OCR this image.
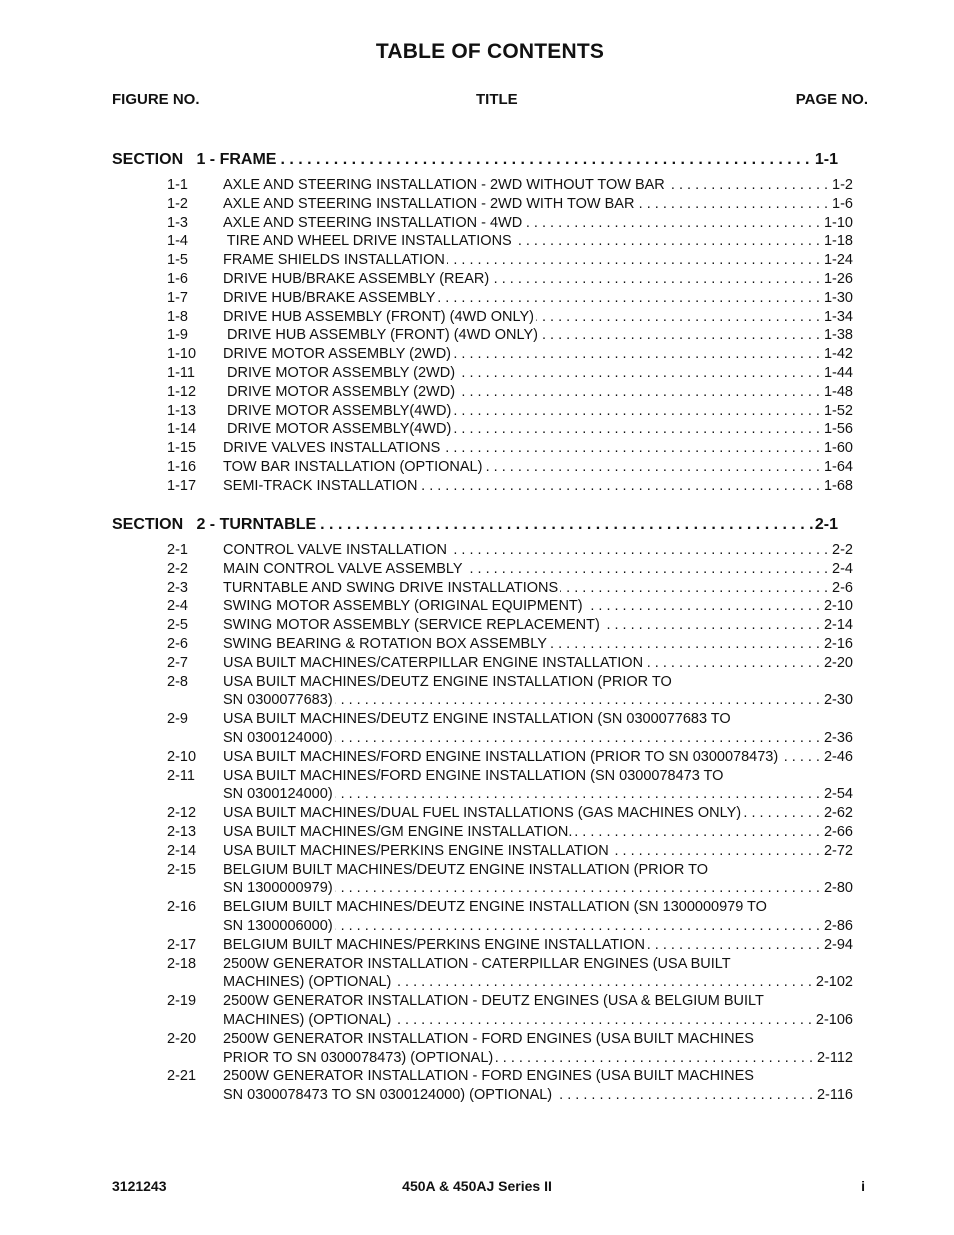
TABLE OF CONTENTS
FIGURE NO.	TITLE	PAGE NO.
SECTION   1 - FRAME . . .	1-1
1-1	AXLE AND STEERING INSTALLATION - 2WD WITHOUT TOW BAR . . .	1-2
1-2	AXLE AND STEERING INSTALLATION - 2WD WITH TOW BAR . . .	1-6
1-3	AXLE AND STEERING INSTALLATION - 4WD . . .	1-10
1-4	TIRE AND WHEEL DRIVE INSTALLATIONS . . .	1-18
1-5	FRAME SHIELDS INSTALLATION . . .	1-24
1-6	DRIVE HUB/BRAKE ASSEMBLY (REAR) . . .	1-26
1-7	DRIVE HUB/BRAKE ASSEMBLY . . .	1-30
1-8	DRIVE HUB ASSEMBLY (FRONT) (4WD ONLY) . . .	1-34
1-9	DRIVE HUB ASSEMBLY (FRONT) (4WD ONLY) . . .	1-38
1-10	DRIVE MOTOR ASSEMBLY (2WD) . . .	1-42
1-11	DRIVE MOTOR ASSEMBLY (2WD) . . .	1-44
1-12	DRIVE MOTOR ASSEMBLY (2WD) . . .	1-48
1-13	DRIVE MOTOR ASSEMBLY(4WD) . . .	1-52
1-14	DRIVE MOTOR ASSEMBLY(4WD) . . .	1-56
1-15	DRIVE VALVES INSTALLATIONS . . .	1-60
1-16	TOW BAR INSTALLATION (OPTIONAL) . . .	1-64
1-17	SEMI-TRACK INSTALLATION . . .	1-68
SECTION   2 - TURNTABLE . . .	2-1
2-1	CONTROL VALVE INSTALLATION . . .	2-2
2-2	MAIN CONTROL VALVE ASSEMBLY . . .	2-4
2-3	TURNTABLE AND SWING DRIVE INSTALLATIONS . . .	2-6
2-4	SWING MOTOR ASSEMBLY (ORIGINAL EQUIPMENT) . . .	2-10
2-5	SWING MOTOR ASSEMBLY (SERVICE REPLACEMENT) . . .	2-14
2-6	SWING BEARING & ROTATION BOX ASSEMBLY . . .	2-16
2-7	USA BUILT MACHINES/CATERPILLAR ENGINE INSTALLATION . . .	2-20
2-8	USA BUILT MACHINES/DEUTZ ENGINE INSTALLATION (PRIOR TO
SN 0300077683) . . .	2-30
2-9	USA BUILT MACHINES/DEUTZ ENGINE INSTALLATION (SN 0300077683 TO
SN 0300124000) . . .	2-36
2-10	USA BUILT MACHINES/FORD ENGINE INSTALLATION (PRIOR TO SN 0300078473) . . .	2-46
2-11	USA BUILT MACHINES/FORD ENGINE INSTALLATION (SN 0300078473 TO
SN 0300124000) . . .	2-54
2-12	USA BUILT MACHINES/DUAL FUEL INSTALLATIONS (GAS MACHINES ONLY) . . .	2-62
2-13	USA BUILT MACHINES/GM ENGINE INSTALLATION. . . .	2-66
2-14	USA BUILT MACHINES/PERKINS ENGINE INSTALLATION . . .	2-72
2-15	BELGIUM BUILT MACHINES/DEUTZ ENGINE INSTALLATION (PRIOR TO
SN 1300000979) . . .	2-80
2-16	BELGIUM BUILT MACHINES/DEUTZ ENGINE INSTALLATION (SN 1300000979 TO
SN 1300006000) . . .	2-86
2-17	BELGIUM BUILT MACHINES/PERKINS ENGINE INSTALLATION . . .	2-94
2-18	2500W GENERATOR INSTALLATION - CATERPILLAR ENGINES (USA BUILT
MACHINES) (OPTIONAL) . . .	2-102
2-19	2500W GENERATOR INSTALLATION - DEUTZ ENGINES (USA & BELGIUM BUILT
MACHINES) (OPTIONAL) . . .	2-106
2-20	2500W GENERATOR INSTALLATION - FORD ENGINES (USA BUILT MACHINES
PRIOR TO SN 0300078473) (OPTIONAL) . . .	2-112
2-21	2500W GENERATOR INSTALLATION - FORD ENGINES (USA BUILT MACHINES
SN 0300078473 TO SN 0300124000) (OPTIONAL) . . .	2-116
3121243	450A & 450AJ Series II	i
